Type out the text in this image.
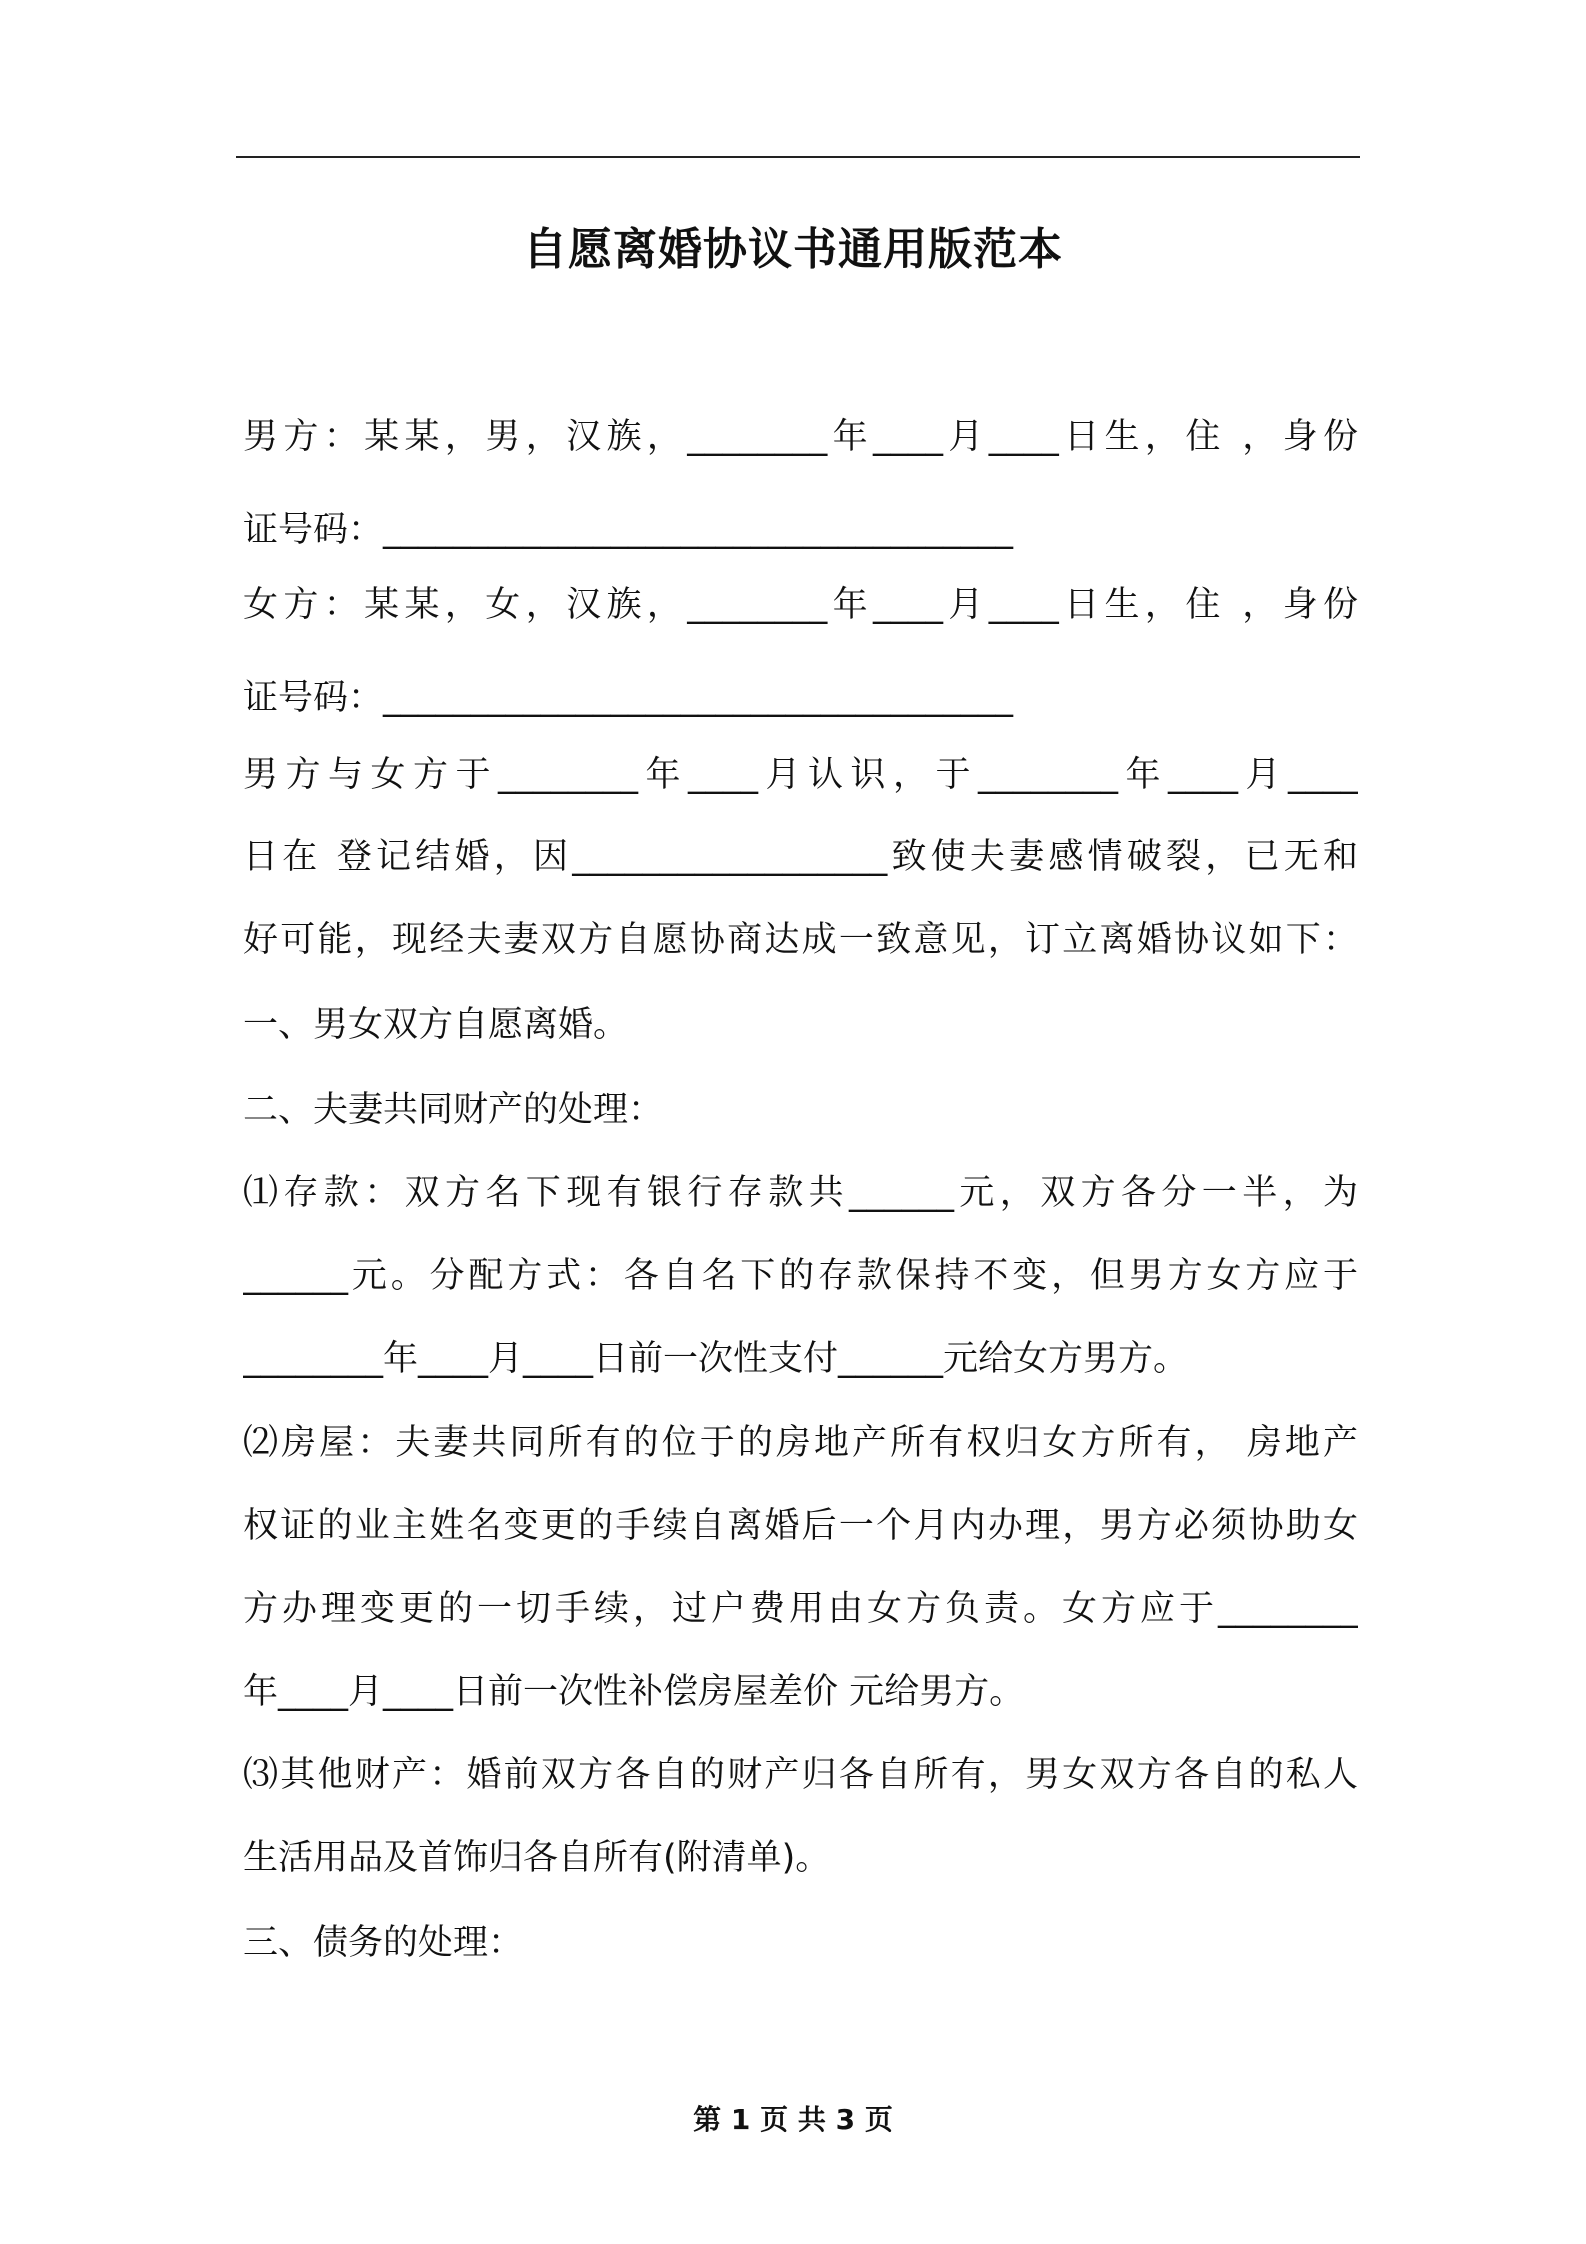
自愿离婚协议书通用版范本
男方：某某，男，汉族，________年____月____日生，住 ，身份
证号码：____________________________________
女方：某某，女，汉族，________年____月____日生，住 ，身份
证号码：____________________________________
男方与女方于________年____月认识，于________年____月____
日在 登记结婚，因__________________致使夫妻感情破裂，已无和
好可能，现经夫妻双方自愿协商达成一致意见，订立离婚协议如下：
一、男女双方自愿离婚。
二、夫妻共同财产的处理：
⑴存款：双方名下现有银行存款共______元，双方各分一半，为
______元。分配方式：各自名下的存款保持不变，但男方女方应于
________年____月____日前一次性支付______元给女方男方。
⑵房屋：夫妻共同所有的位于的房地产所有权归女方所有， 房地产
权证的业主姓名变更的手续自离婚后一个月内办理，男方必须协助女
方办理变更的一切手续，过户费用由女方负责。女方应于________
年____月____日前一次性补偿房屋差价 元给男方。
⑶其他财产：婚前双方各自的财产归各自所有，男女双方各自的私人
生活用品及首饰归各自所有(附清单)。
三、债务的处理：
第 1 页 共 3 页
